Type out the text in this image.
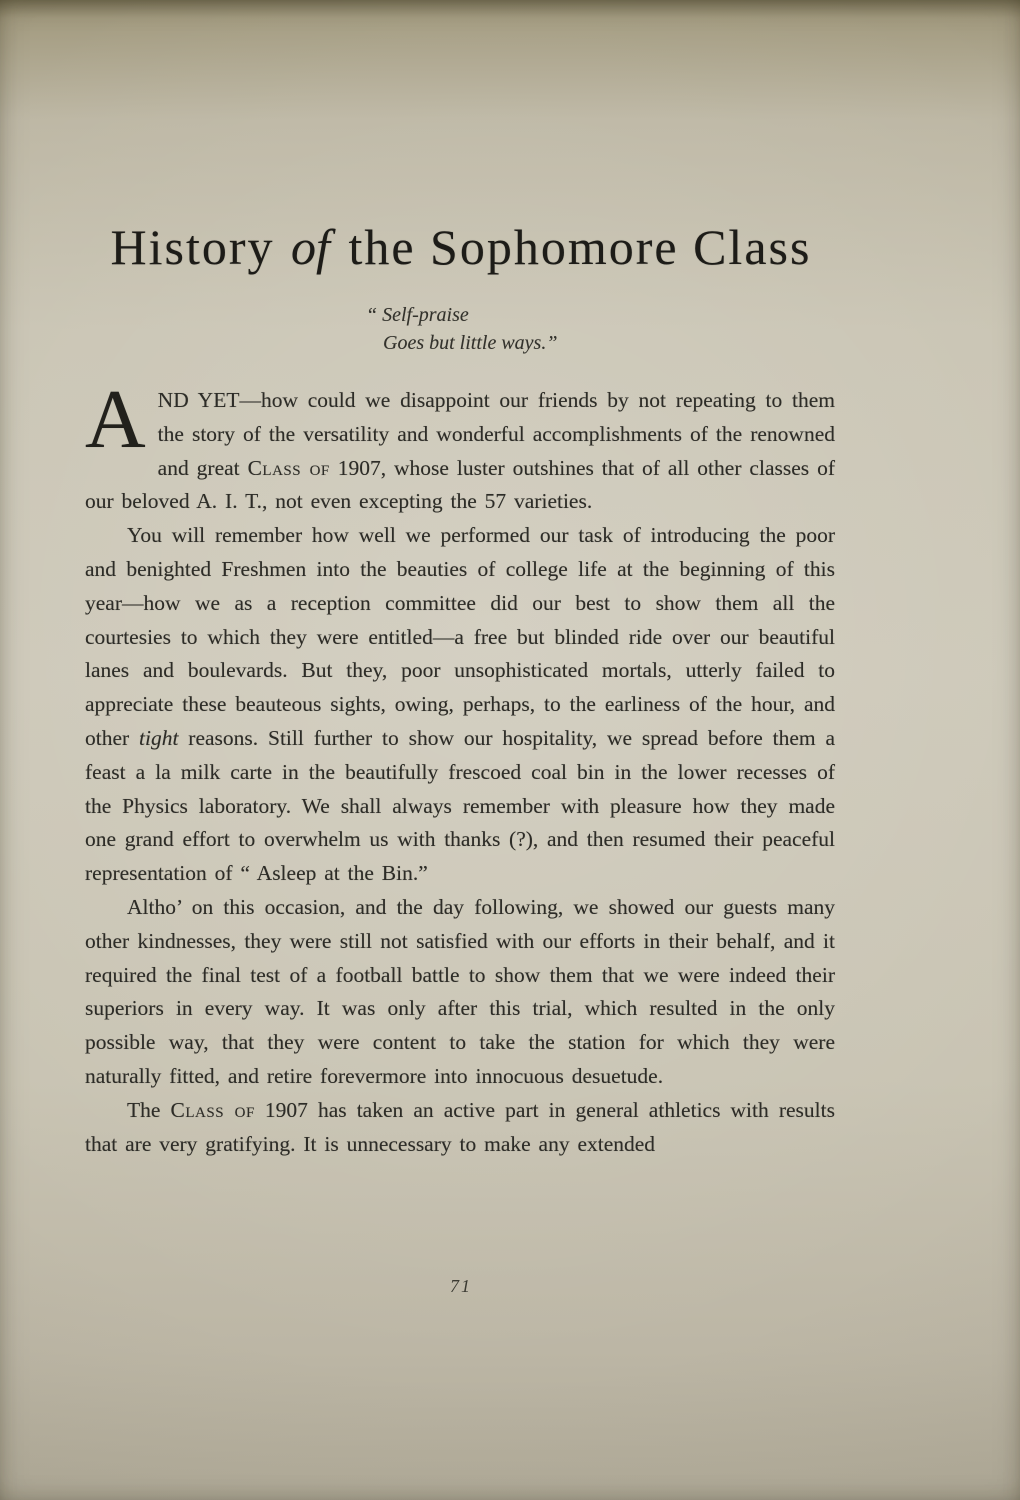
History of the Sophomore Class
“ Self-praise
Goes but little ways.”

AND YET—how could we disappoint our friends by not repeating to them the story of the versatility and wonderful accomplishments of the renowned and great Class of 1907, whose luster outshines that of all other classes of our beloved A. I. T., not even excepting the 57 varieties.

You will remember how well we performed our task of introducing the poor and benighted Freshmen into the beauties of college life at the beginning of this year—how we as a reception committee did our best to show them all the courtesies to which they were entitled—a free but blinded ride over our beautiful lanes and boulevards. But they, poor unsophisticated mortals, utterly failed to appreciate these beauteous sights, owing, perhaps, to the earliness of the hour, and other tight reasons. Still further to show our hospitality, we spread before them a feast a la milk carte in the beautifully frescoed coal bin in the lower recesses of the Physics laboratory. We shall always remember with pleasure how they made one grand effort to overwhelm us with thanks (?), and then resumed their peaceful representation of “ Asleep at the Bin.”

Altho’ on this occasion, and the day following, we showed our guests many other kindnesses, they were still not satisfied with our efforts in their behalf, and it required the final test of a football battle to show them that we were indeed their superiors in every way. It was only after this trial, which resulted in the only possible way, that they were content to take the station for which they were naturally fitted, and retire forevermore into innocuous desuetude.

The Class of 1907 has taken an active part in general athletics with results that are very gratifying. It is unnecessary to make any extended

71
